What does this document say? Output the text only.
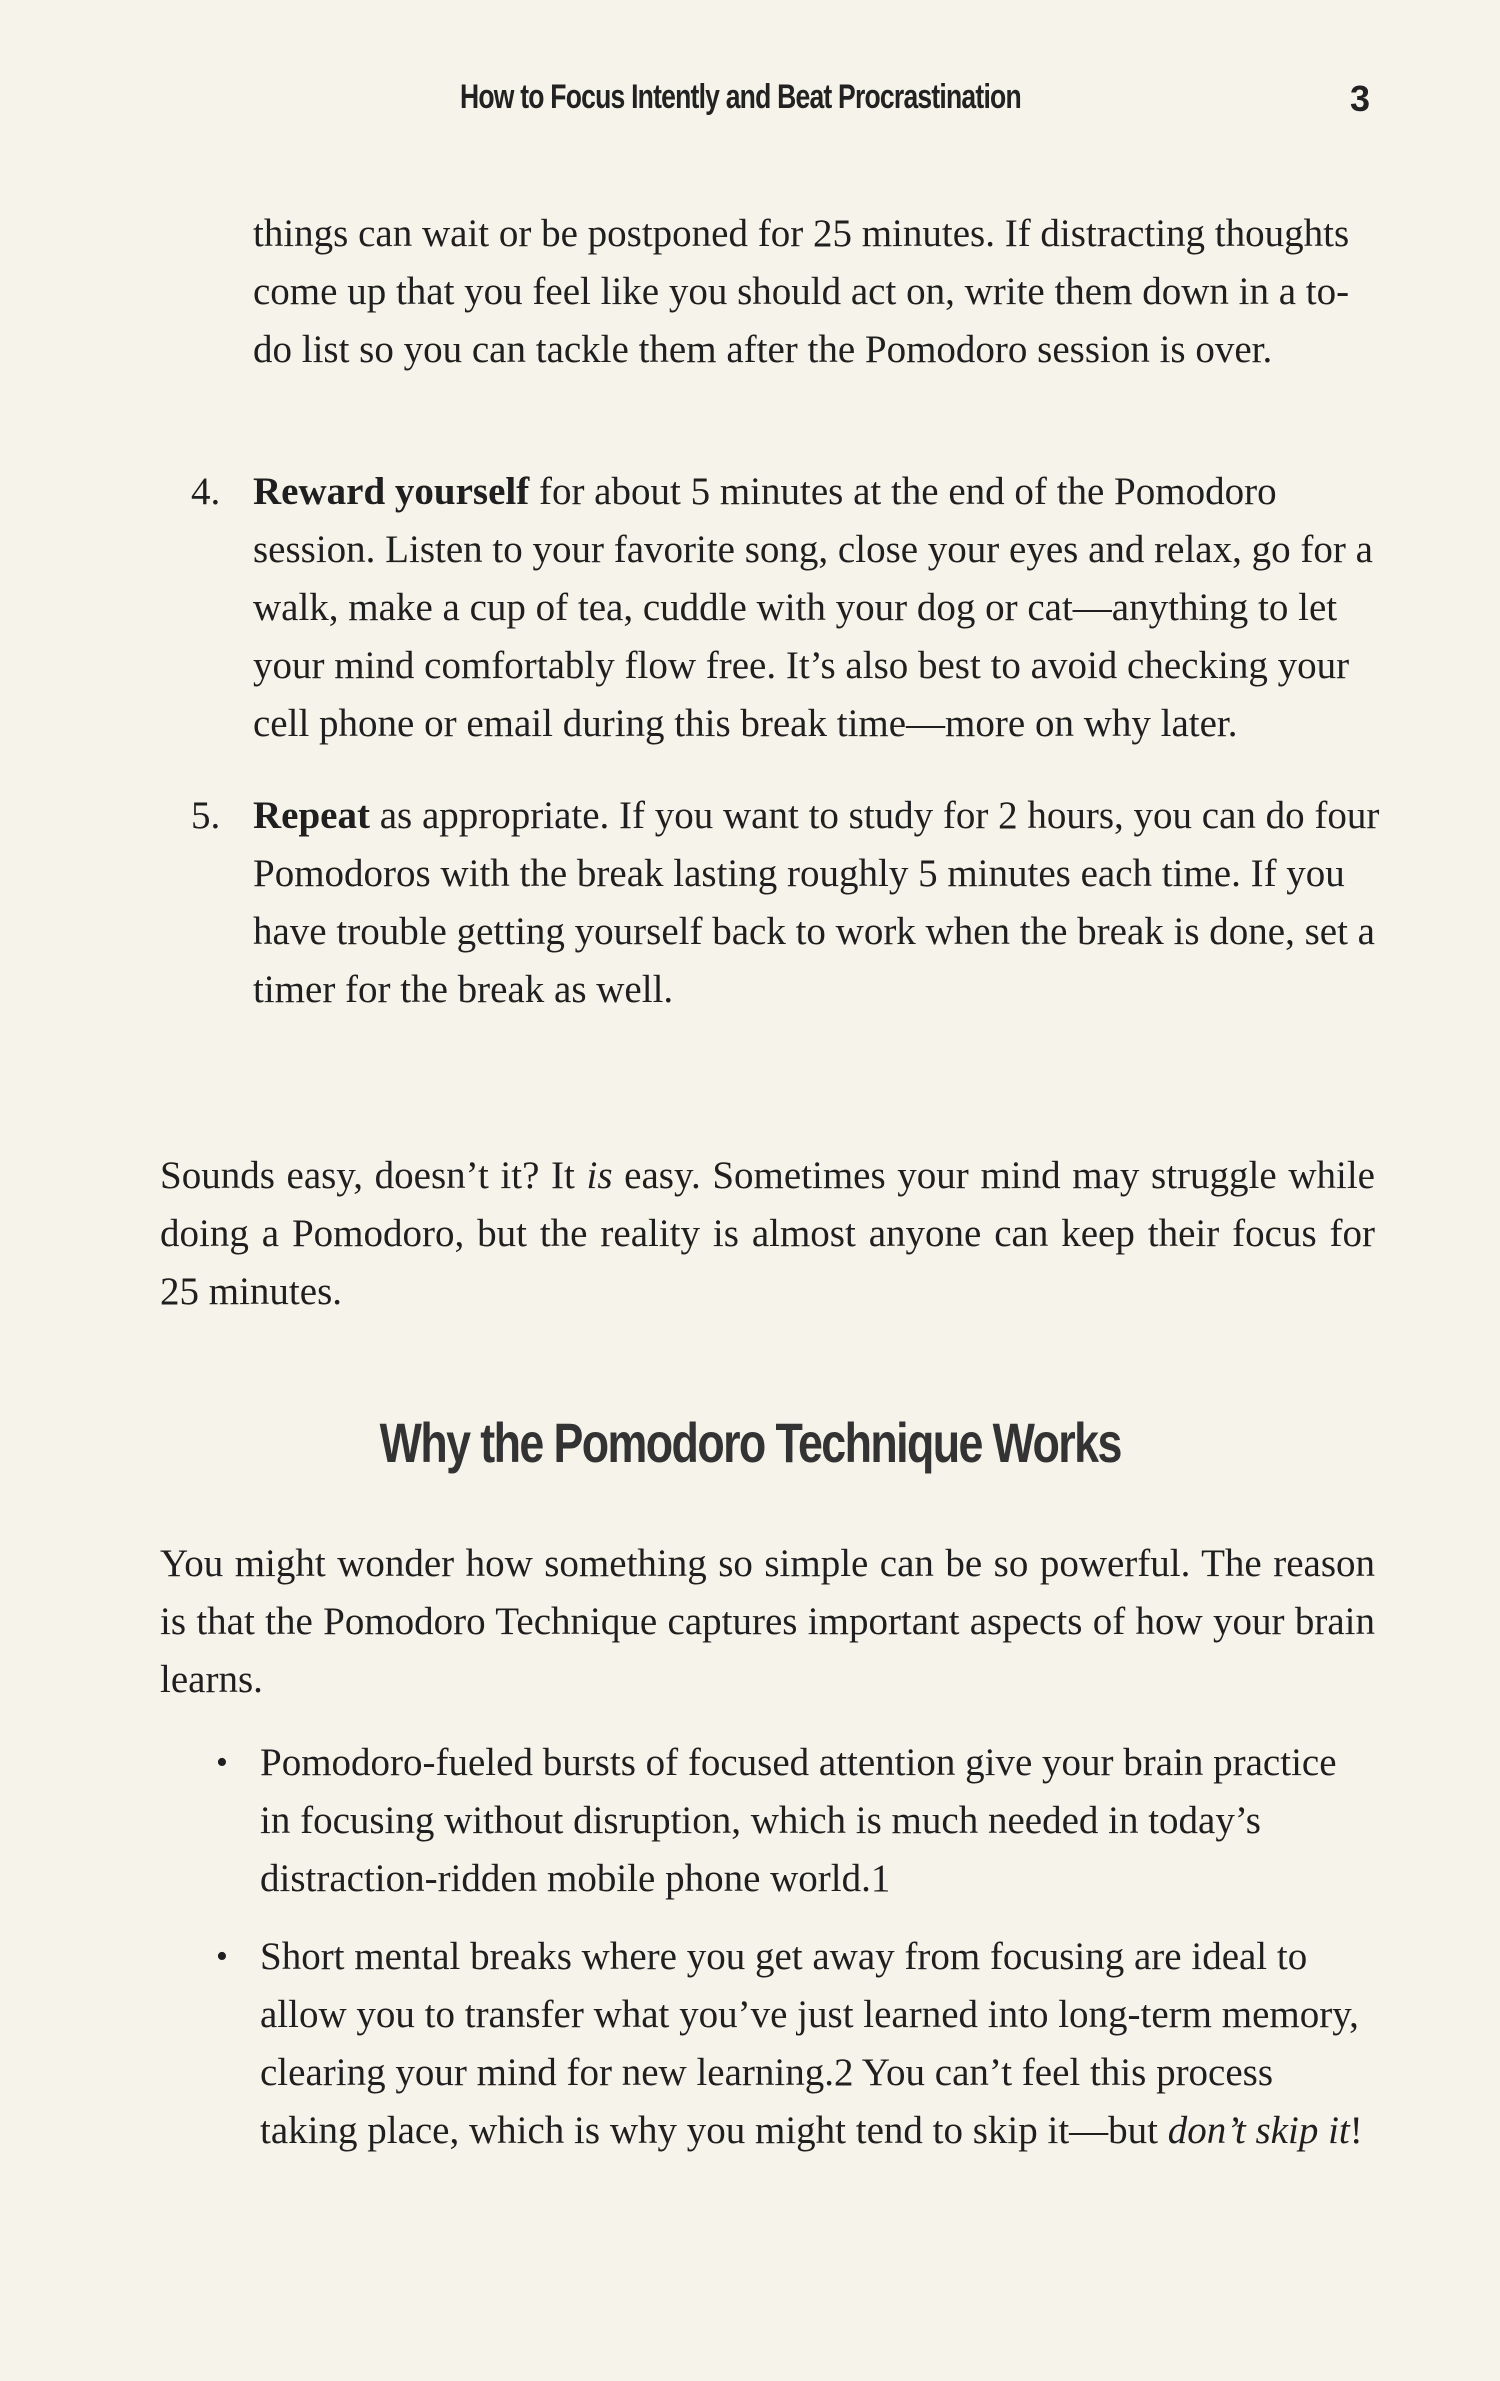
How to Focus Intently and Beat Procrastination	3

things can wait or be postponed for 25 minutes. If distracting thoughts come up that you feel like you should act on, write them down in a to-do list so you can tackle them after the Pomodoro session is over.

4. Reward yourself for about 5 minutes at the end of the Pomodoro session. Listen to your favorite song, close your eyes and relax, go for a walk, make a cup of tea, cuddle with your dog or cat—anything to let your mind comfortably flow free. It’s also best to avoid checking your cell phone or email during this break time—more on why later.
5. Repeat as appropriate. If you want to study for 2 hours, you can do four Pomodoros with the break lasting roughly 5 minutes each time. If you have trouble getting yourself back to work when the break is done, set a timer for the break as well.

Sounds easy, doesn’t it? It is easy. Sometimes your mind may struggle while doing a Pomodoro, but the reality is almost anyone can keep their focus for 25 minutes.

Why the Pomodoro Technique Works

You might wonder how something so simple can be so powerful. The reason is that the Pomodoro Technique captures important aspects of how your brain learns.

• Pomodoro-fueled bursts of focused attention give your brain practice in focusing without disruption, which is much needed in today’s distraction-ridden mobile phone world.1
• Short mental breaks where you get away from focusing are ideal to allow you to transfer what you’ve just learned into long-term memory, clearing your mind for new learning.2 You can’t feel this process taking place, which is why you might tend to skip it—but don’t skip it!
